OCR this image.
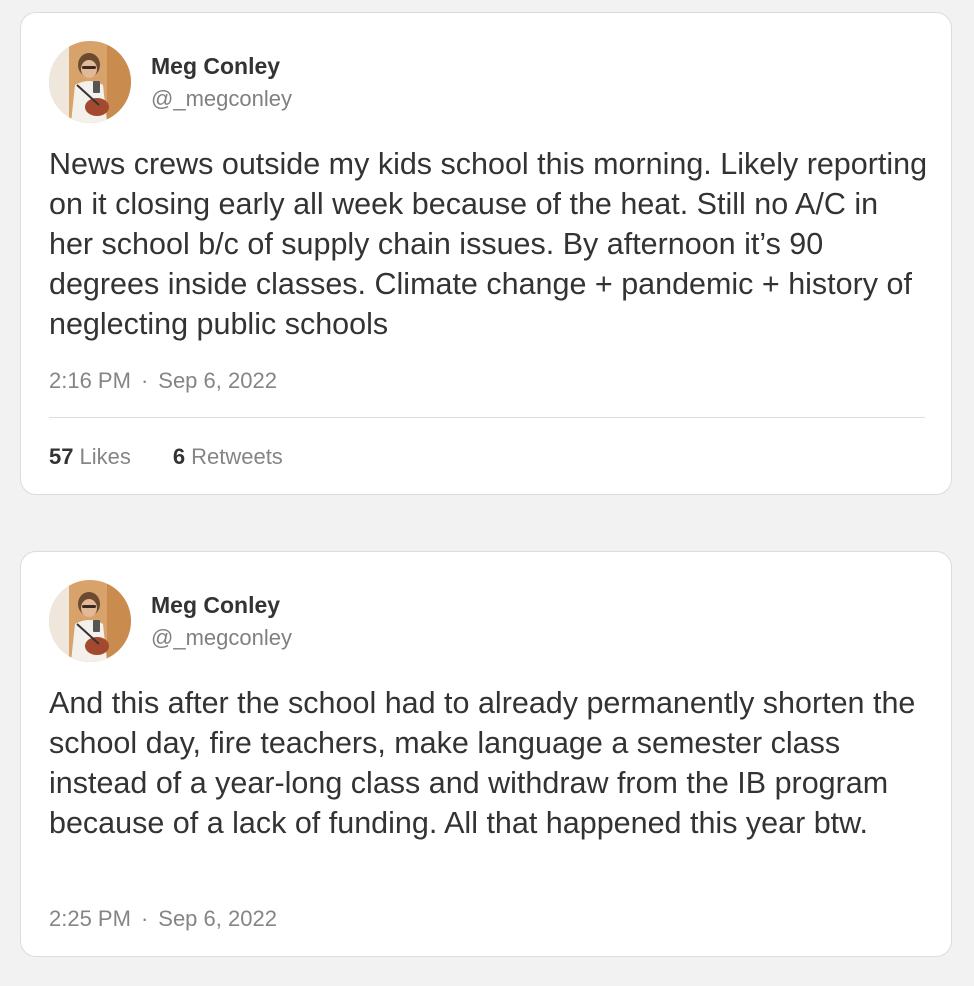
Meg Conley
@_megconley

News crews outside my kids school this morning. Likely reporting on it closing early all week because of the heat. Still no A/C in her school b/c of supply chain issues. By afternoon it’s 90 degrees inside classes. Climate change + pandemic + history of neglecting public schools

2:16 PM · Sep 6, 2022
57 Likes 6 Retweets
Meg Conley
@_megconley

And this after the school had to already permanently shorten the school day, fire teachers, make language a semester class instead of a year-long class and withdraw from the IB program because of a lack of funding. All that happened this year btw.

2:25 PM · Sep 6, 2022
